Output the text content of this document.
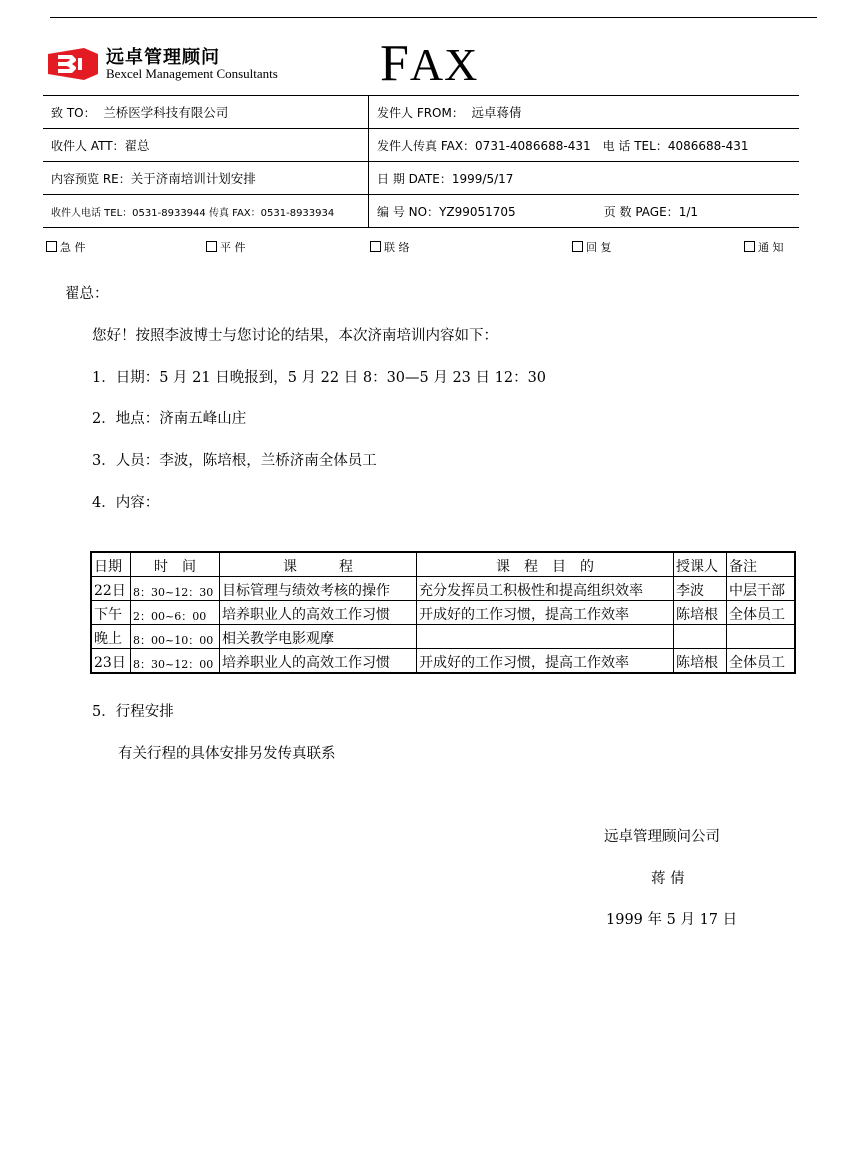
远卓管理顾问
Bexcel Management Consultants FAX
致 TO： 兰桥医学科技有限公司	发件人 FROM： 远卓蒋倩
收件人 ATT：翟总	发件人传真 FAX：0731-4086688-431　电 话 TEL：4086688-431
内容预览 RE：关于济南培训计划安排	日 期 DATE：1999/5/17
收件人电话 TEL：0531-8933944 传真 FAX：0531-8933934	编 号 NO：YZ99051705 页 数 PAGE：1/1
急 件	平 件	联 络	回 复	通 知
翟总：
您好！按照李波博士与您讨论的结果，本次济南培训内容如下：
1．日期：5 月 21 日晚报到，5 月 22 日 8：30—5 月 23 日 12：30
2．地点：济南五峰山庄
3．人员：李波，陈培根，兰桥济南全体员工
4．内容：
日期	时　间	课　　　程	课　程　目　的	授课人	备注
22日	8：30~12：30	目标管理与绩效考核的操作	充分发挥员工积极性和提高组织效率	李波	中层干部
下午	2：00~6：00	培养职业人的高效工作习惯	开成好的工作习惯，提高工作效率	陈培根	全体员工
晚上	8：00~10：00	相关教学电影观摩			
23日	8：30~12：00	培养职业人的高效工作习惯	开成好的工作习惯，提高工作效率	陈培根	全体员工
5．行程安排
有关行程的具体安排另发传真联系
远卓管理顾问公司
蒋 倩
1999 年 5 月 17 日
